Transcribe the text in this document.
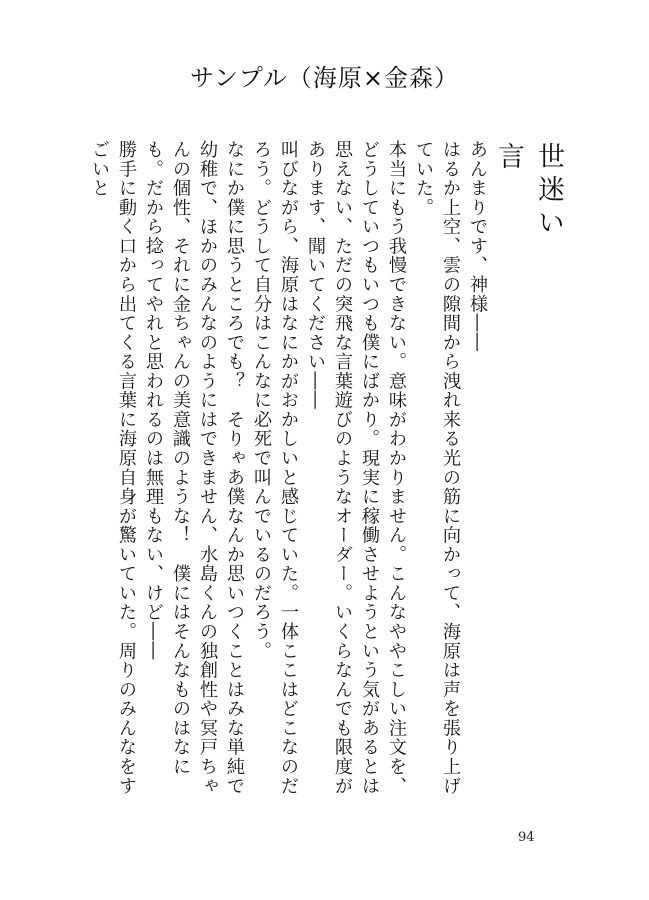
サンプル（海原×金森）
世迷い言

あんまりです、神様――

はるか上空、雲の隙間から洩れ来る光の筋に向かって、海原は声を張り上げていた。

本当にもう我慢できない。意味がわかりません。こんなややこしい注文を、どうしていつもいつも僕にばかり。現実に稼働させようという気があるとは思えない、ただの突飛な言葉遊びのようなオーダー。いくらなんでも限度があります、聞いてください――

叫びながら、海原はなにかがおかしいと感じていた。一体ここはどこなのだろう。どうして自分はこんなに必死で叫んでいるのだろう。

なにか僕に思うところでも？　そりゃあ僕なんか思いつくことはみな単純で幼稚で、ほかのみんなのようにはできません、水島くんの独創性や冥戸ちゃんの個性、それに金ちゃんの美意識のような！　僕にはそんなものはなにも。だから捻ってやれと思われるのは無理もない、けど――

勝手に動く口から出てくる言葉に海原自身が驚いていた。周りのみんなをすごいと

94
